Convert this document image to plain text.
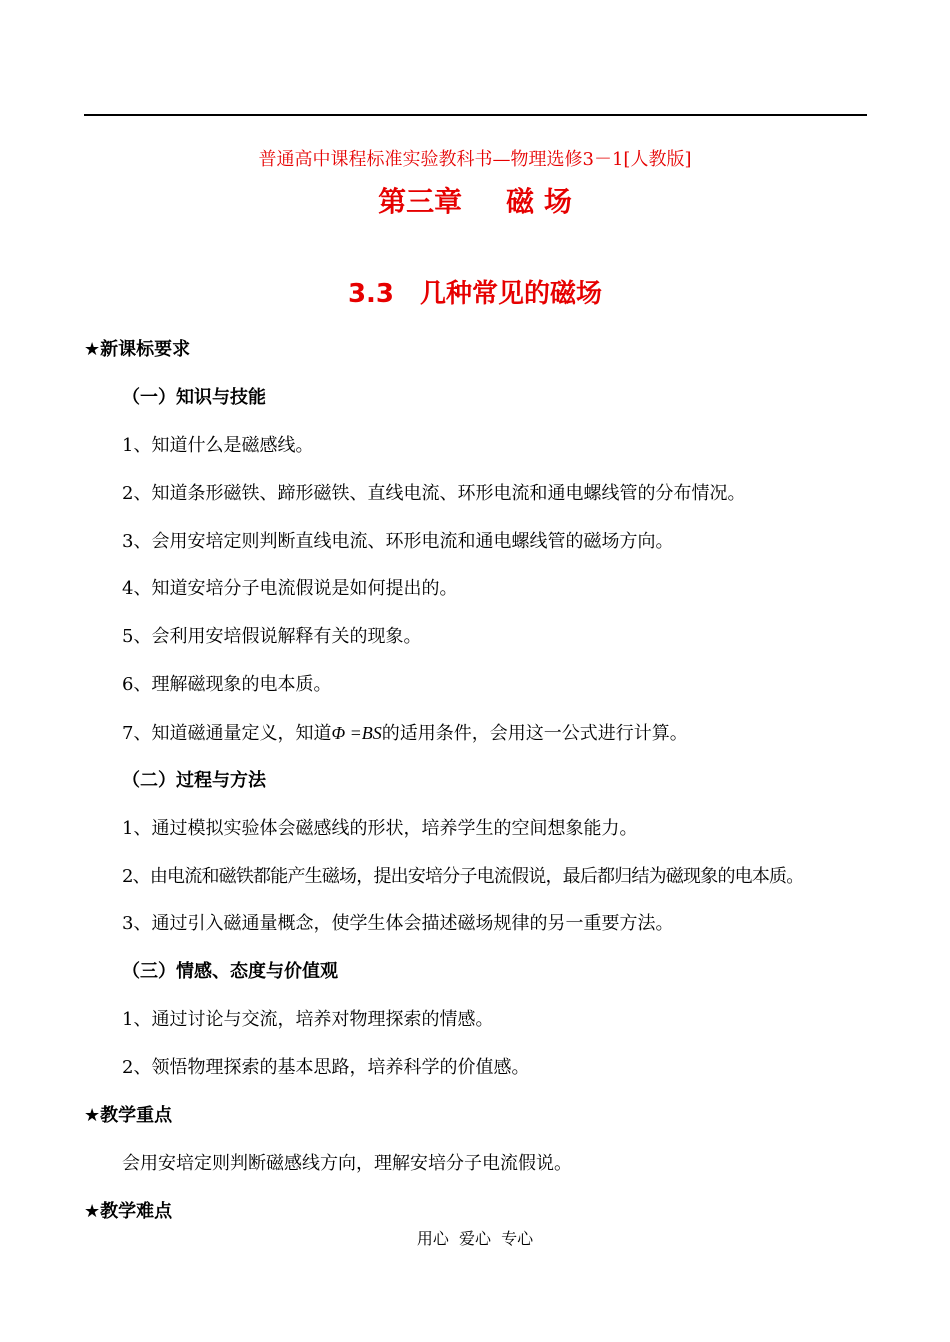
普通高中课程标准实验教科书—物理选修3－1[人教版]
第三章 磁 场
3.3 几种常见的磁场
★新课标要求
（一）知识与技能
1、知道什么是磁感线。
2、知道条形磁铁、蹄形磁铁、直线电流、环形电流和通电螺线管的分布情况。
3、会用安培定则判断直线电流、环形电流和通电螺线管的磁场方向。
4、知道安培分子电流假说是如何提出的。
5、会利用安培假说解释有关的现象。
6、理解磁现象的电本质。
7、知道磁通量定义，知道Φ =BS的适用条件，会用这一公式进行计算。
（二）过程与方法
1、通过模拟实验体会磁感线的形状，培养学生的空间想象能力。
2、由电流和磁铁都能产生磁场，提出安培分子电流假说，最后都归结为磁现象的电本质。
3、通过引入磁通量概念，使学生体会描述磁场规律的另一重要方法。
（三）情感、态度与价值观
1、通过讨论与交流，培养对物理探索的情感。
2、领悟物理探索的基本思路，培养科学的价值感。
★教学重点
会用安培定则判断磁感线方向，理解安培分子电流假说。
★教学难点
用心  爱心  专心
